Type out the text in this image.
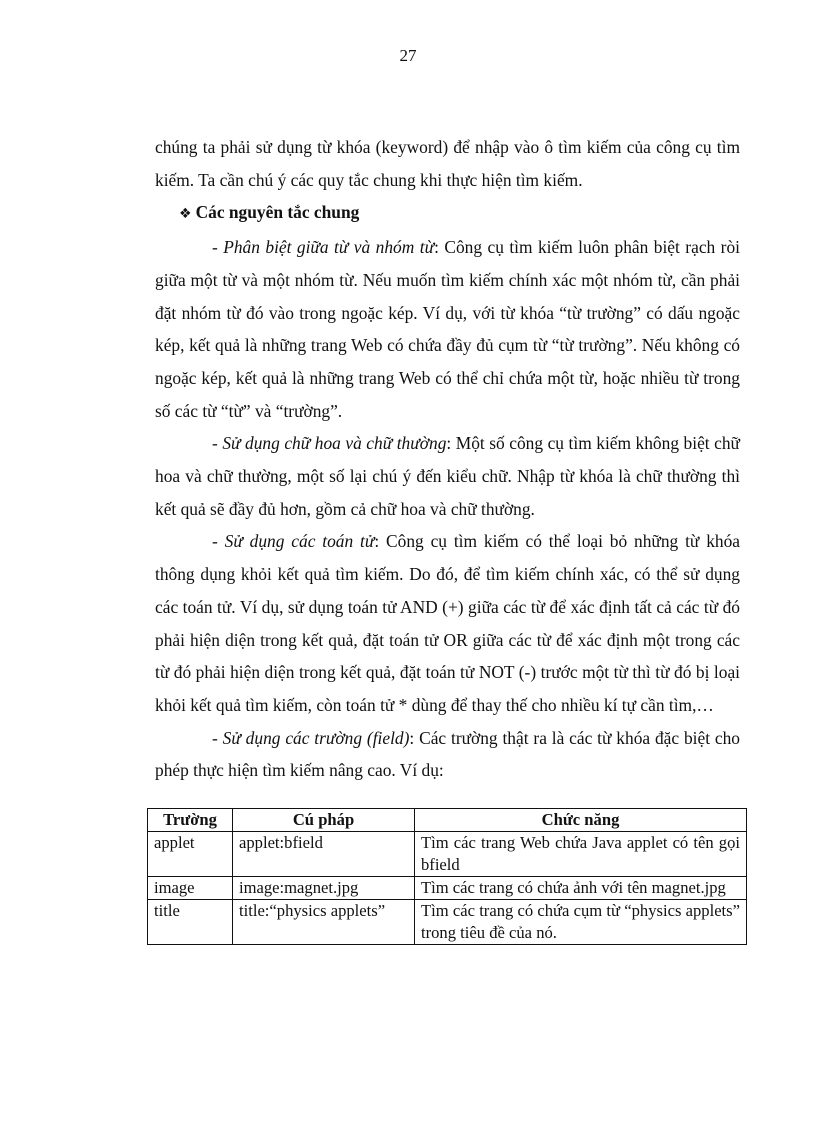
27

chúng ta phải sử dụng từ khóa (keyword) để nhập vào ô tìm kiếm của công cụ tìm kiếm. Ta cần chú ý các quy tắc chung khi thực hiện tìm kiếm.

❖ Các nguyên tắc chung

- Phân biệt giữa từ và nhóm từ: Công cụ tìm kiếm luôn phân biệt rạch ròi giữa một từ và một nhóm từ. Nếu muốn tìm kiếm chính xác một nhóm từ, cần phải đặt nhóm từ đó vào trong ngoặc kép. Ví dụ, với từ khóa “từ trường” có dấu ngoặc kép, kết quả là những trang Web có chứa đầy đủ cụm từ “từ trường”. Nếu không có ngoặc kép, kết quả là những trang Web có thể chỉ chứa một từ, hoặc nhiều từ trong số các từ “từ” và “trường”.

- Sử dụng chữ hoa và chữ thường: Một số công cụ tìm kiếm không biệt chữ hoa và chữ thường, một số lại chú ý đến kiểu chữ. Nhập từ khóa là chữ thường thì kết quả sẽ đầy đủ hơn, gồm cả chữ hoa và chữ thường.

- Sử dụng các toán tử: Công cụ tìm kiếm có thể loại bỏ những từ khóa thông dụng khỏi kết quả tìm kiếm. Do đó, để tìm kiếm chính xác, có thể sử dụng các toán tử. Ví dụ, sử dụng toán tử AND (+) giữa các từ để xác định tất cả các từ đó phải hiện diện trong kết quả, đặt toán tử OR giữa các từ để xác định một trong các từ đó phải hiện diện trong kết quả, đặt toán tử NOT (-) trước một từ thì từ đó bị loại khỏi kết quả tìm kiếm, còn toán tử * dùng để thay thế cho nhiều kí tự cần tìm,…

- Sử dụng các trường (field): Các trường thật ra là các từ khóa đặc biệt cho phép thực hiện tìm kiếm nâng cao. Ví dụ:

Trường	Cú pháp	Chức năng
applet	applet:bfield	Tìm các trang Web chứa Java applet có tên gọi bfield
image	image:magnet.jpg	Tìm các trang có chứa ảnh với tên magnet.jpg
title	title:“physics applets”	Tìm các trang có chứa cụm từ “physics applets” trong tiêu đề của nó.
